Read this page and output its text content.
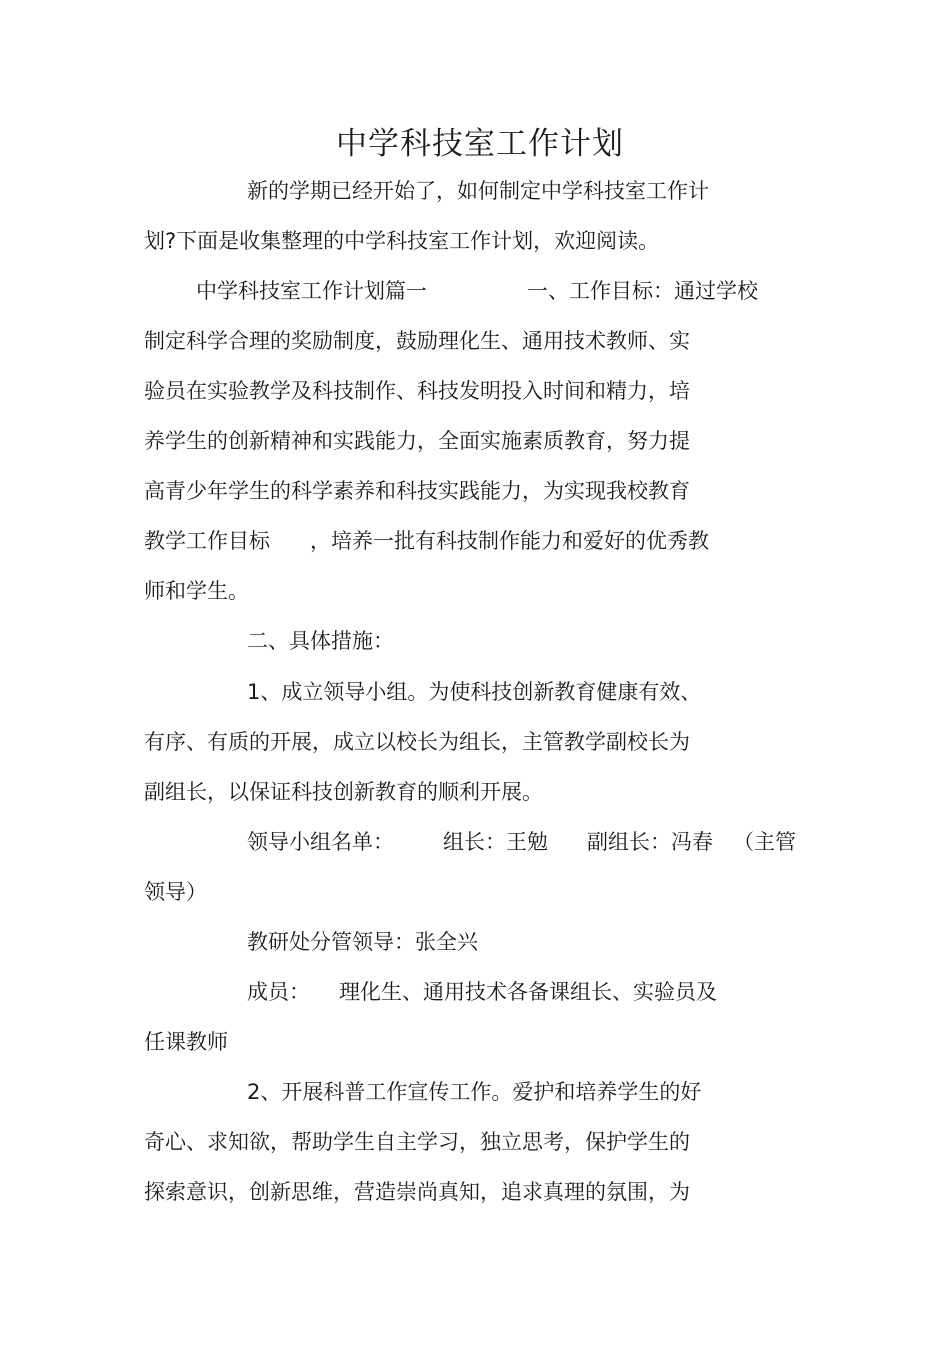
中学科技室工作计划
新的学期已经开始了，如何制定中学科技室工作计
划?下面是收集整理的中学科技室工作计划，欢迎阅读。
中学科技室工作计划篇一	一、工作目标：通过学校
制定科学合理的奖励制度，鼓励理化生、通用技术教师、实
验员在实验教学及科技制作、科技发明投入时间和精力，培
养学生的创新精神和实践能力，全面实施素质教育，努力提
高青少年学生的科学素养和科技实践能力，为实现我校教育
教学工作目标 ，培养一批有科技制作能力和爱好的优秀教
师和学生。
二、具体措施：
1、成立领导小组。为使科技创新教育健康有效、
有序、有质的开展，成立以校长为组长，主管教学副校长为
副组长，以保证科技创新教育的顺利开展。
领导小组名单： 组长：王勉 副组长：冯春 （主管
领导）
教研处分管领导：张全兴
成员： 理化生、通用技术各备课组长、实验员及
任课教师
2、开展科普工作宣传工作。爱护和培养学生的好
奇心、求知欲，帮助学生自主学习，独立思考，保护学生的
探索意识，创新思维，营造崇尚真知，追求真理的氛围，为
